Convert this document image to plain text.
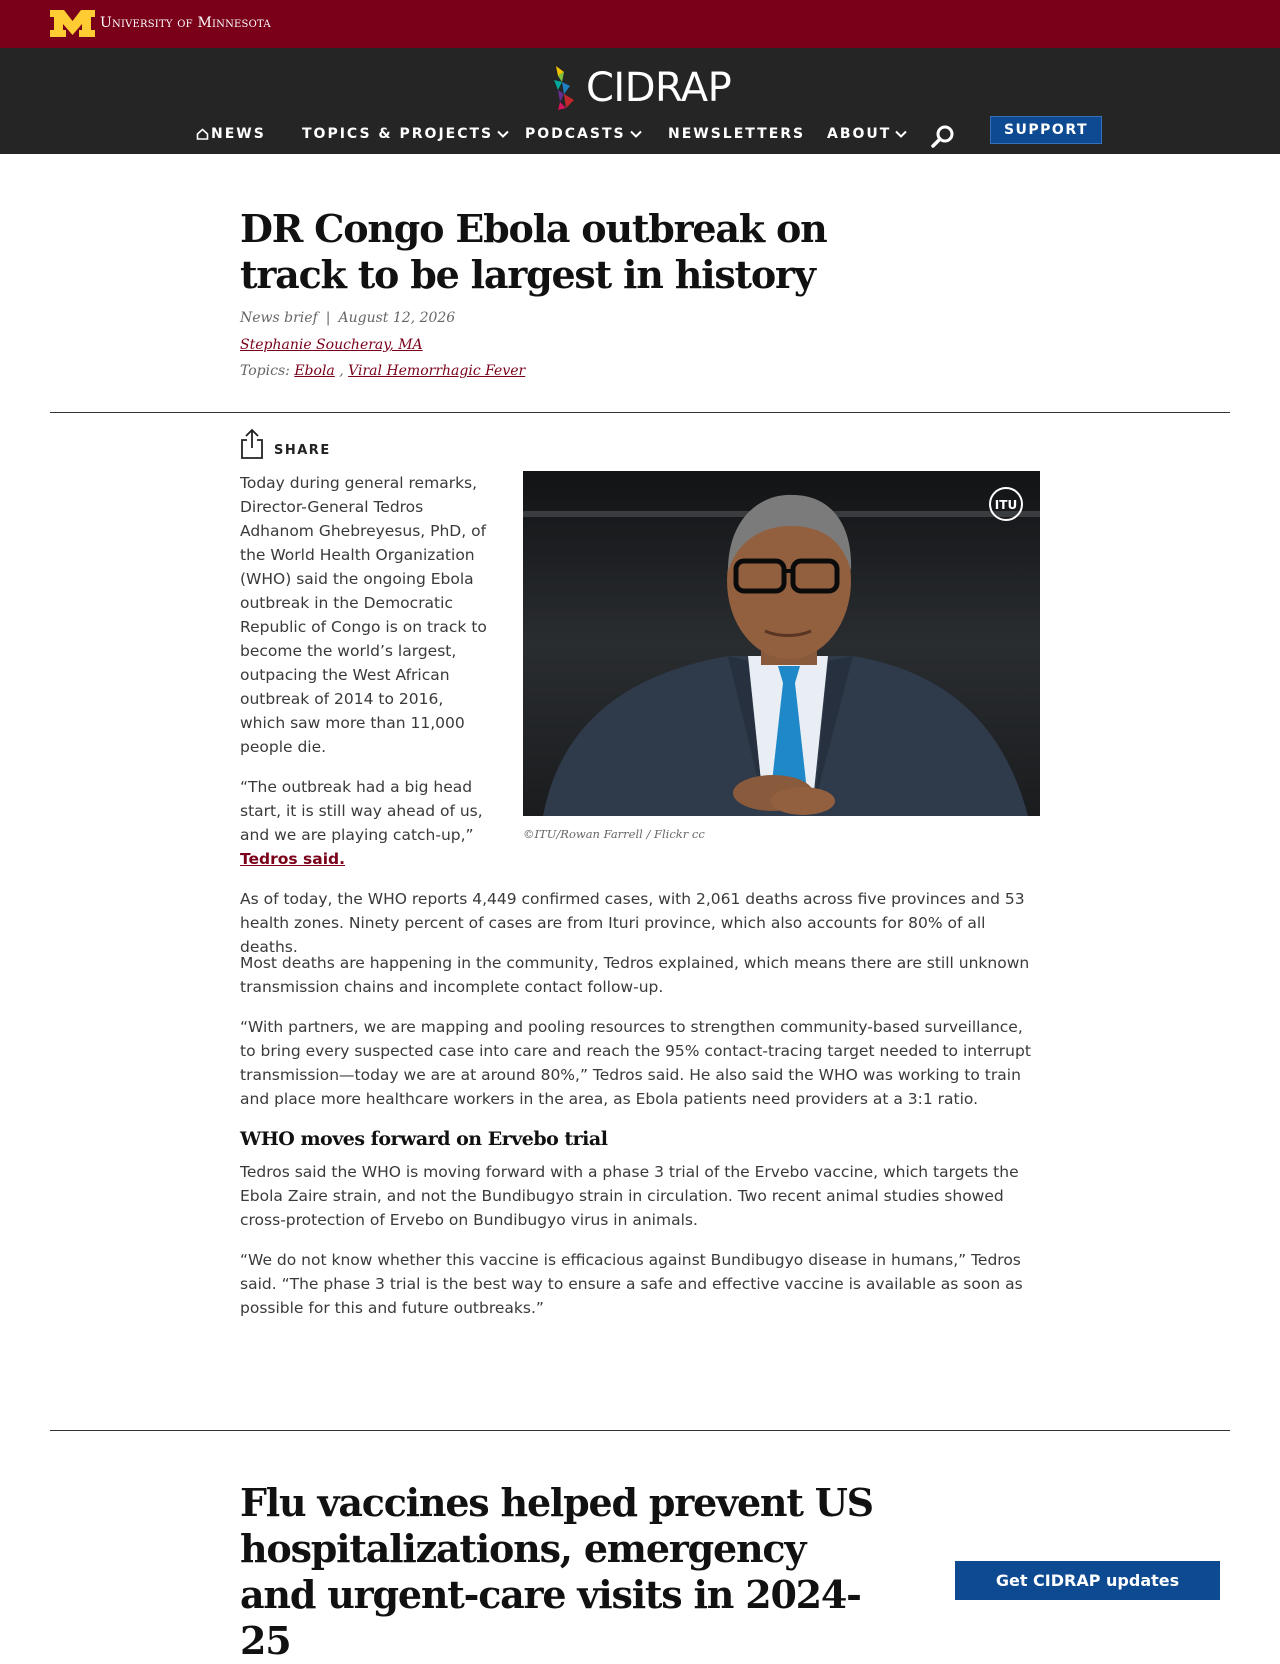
University of Minnesota
CIDRAP
NEWS	TOPICS & PROJECTS PODCASTS	NEWSLETTERS ABOUT	SUPPORT
DR Congo Ebola outbreak on track to be largest in history
News brief | August 12, 2026
Stephanie Soucheray, MA
Topics: Ebola , Viral Hemorrhagic Fever
SHARE

Today during general remarks, Director-General Tedros Adhanom Ghebreyesus, PhD, of the World Health Organization (WHO) said the ongoing Ebola outbreak in the Democratic Republic of Congo is on track to become the world’s largest, outpacing the West African outbreak of 2014 to 2016, which saw more than 11,000 people die.

“The outbreak had a big head start, it is still way ahead of us, and we are playing catch-up,”
Tedros said.

ITU
©ITU/Rowan Farrell / Flickr cc

As of today, the WHO reports 4,449 confirmed cases, with 2,061 deaths across five provinces and 53 health zones. Ninety percent of cases are from Ituri province, which also accounts for 80% of all deaths.

Most deaths are happening in the community, Tedros explained, which means there are still unknown transmission chains and incomplete contact follow-up.

“With partners, we are mapping and pooling resources to strengthen community-based surveillance, to bring every suspected case into care and reach the 95% contact-tracing target needed to interrupt transmission—today we are at around 80%,” Tedros said. He also said the WHO was working to train and place more healthcare workers in the area, as Ebola patients need providers at a 3:1 ratio.

WHO moves forward on Ervebo trial

Tedros said the WHO is moving forward with a phase 3 trial of the Ervebo vaccine, which targets the Ebola Zaire strain, and not the Bundibugyo strain in circulation. Two recent animal studies showed cross-protection of Ervebo on Bundibugyo virus in animals.

“We do not know whether this vaccine is efficacious against Bundibugyo disease in humans,” Tedros said. “The phase 3 trial is the best way to ensure a safe and effective vaccine is available as soon as possible for this and future outbreaks.”

Flu vaccines helped prevent US hospitalizations, emergency and urgent-care visits in 2024-25
Get CIDRAP updates
